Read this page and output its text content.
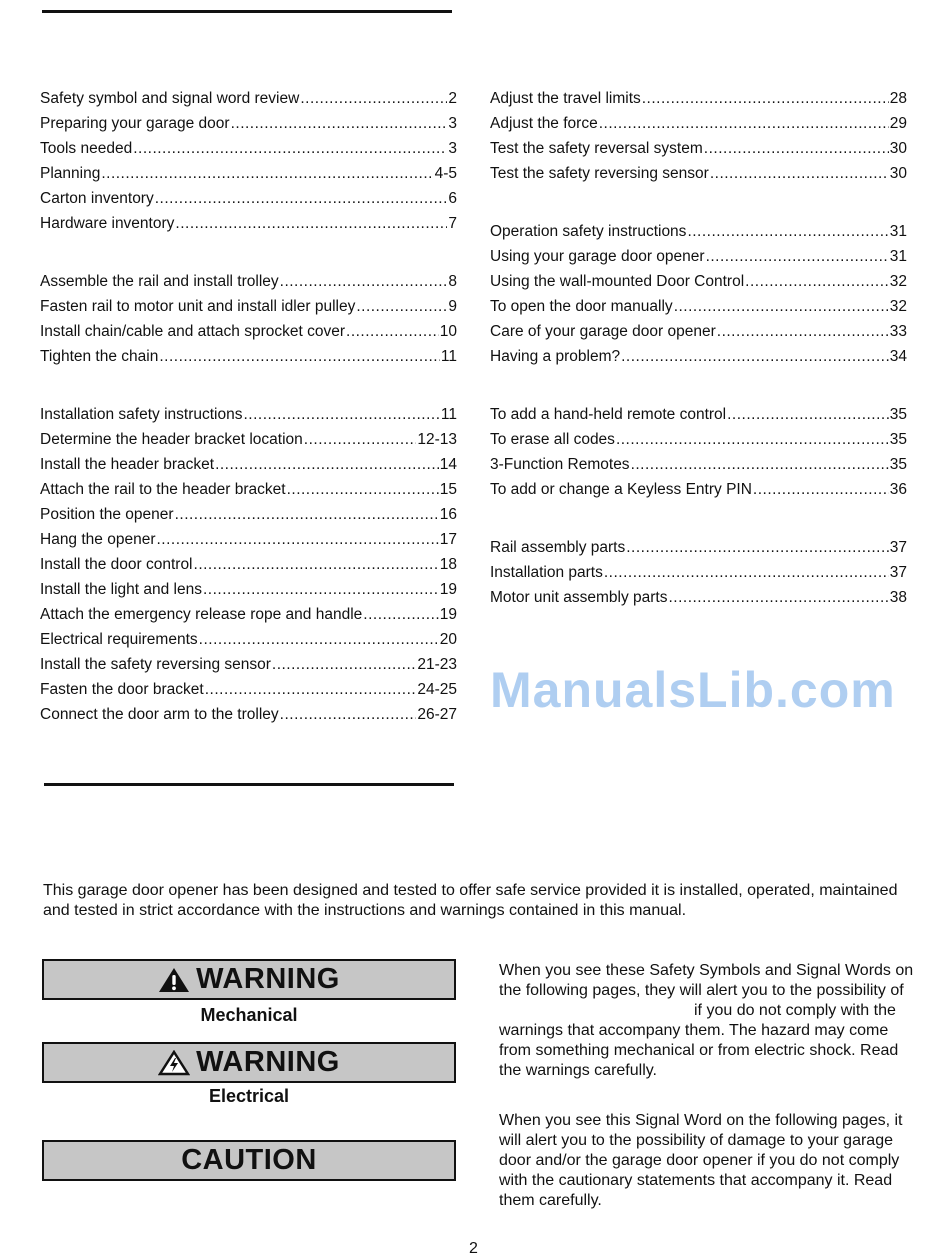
Safety symbol and signal word review .....	2
Preparing your garage door .....	3
Tools needed .....	3
Planning .....	4-5
Carton inventory .....	6
Hardware inventory .....	7
Assemble the rail and install trolley .....	8
Fasten rail to motor unit and install idler pulley .....	9
Install chain/cable and attach sprocket cover .....	10
Tighten the chain .....	11
Installation safety instructions .....	11
Determine the header bracket location .....	12-13
Install the header bracket .....	14
Attach the rail to the header bracket .....	15
Position the opener .....	16
Hang the opener .....	17
Install the door control .....	18
Install the light and lens .....	19
Attach the emergency release rope and handle .....	19
Electrical requirements .....	20
Install the safety reversing sensor .....	21-23
Fasten the door bracket .....	24-25
Connect the door arm to the trolley .....	26-27
Adjust the travel limits .....	28
Adjust the force .....	29
Test the safety reversal system .....	30
Test the safety reversing sensor .....	30
Operation safety instructions .....	31
Using your garage door opener .....	31
Using the wall-mounted Door Control .....	32
To open the door manually .....	32
Care of your garage door opener .....	33
Having a problem? .....	34
To add a hand-held remote control .....	35
To erase all codes .....	35
3-Function Remotes .....	35
To add or change a Keyless Entry PIN .....	36
Rail assembly parts .....	37
Installation parts .....	37
Motor unit assembly parts .....	38
ManualsLib.com
This garage door opener has been designed and tested to offer safe service provided it is installed, operated, maintained and tested in strict accordance with the instructions and warnings contained in this manual.
WARNING
Mechanical
WARNING
Electrical
CAUTION
When you see these Safety Symbols and Signal Words on the following pages, they will alert you to the possibility ofif you do not comply with the warnings that accompany them. The hazard may come from something mechanical or from electric shock. Read the warnings carefully.
When you see this Signal Word on the following pages, it will alert you to the possibility of damage to your garage door and/or the garage door opener if you do not comply with the cautionary statements that accompany it. Read them carefully.
2
